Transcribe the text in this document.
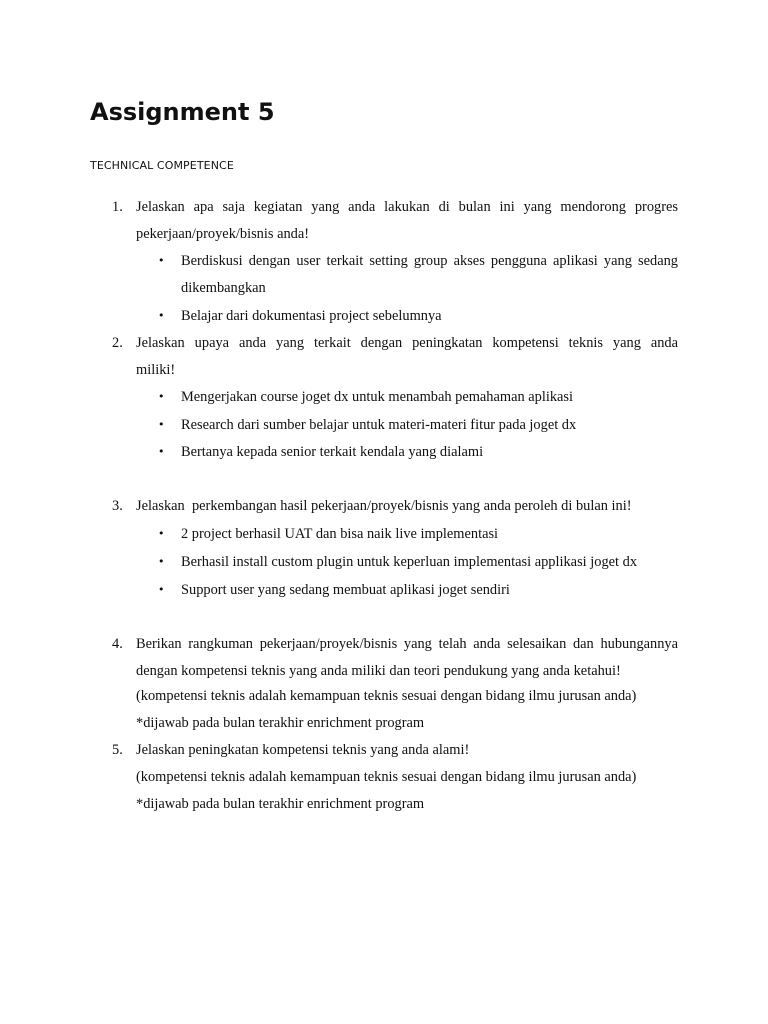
Assignment 5
TECHNICAL COMPETENCE
1. Jelaskan apa saja kegiatan yang anda lakukan di bulan ini yang mendorong progres
pekerjaan/proyek/bisnis anda!
• Berdiskusi dengan user terkait setting group akses pengguna aplikasi yang sedang
dikembangkan
• Belajar dari dokumentasi project sebelumnya
2. Jelaskan upaya anda yang terkait dengan peningkatan kompetensi teknis yang anda
miliki!
• Mengerjakan course joget dx untuk menambah pemahaman aplikasi
• Research dari sumber belajar untuk materi-materi fitur pada joget dx
• Bertanya kepada senior terkait kendala yang dialami
3. Jelaskan  perkembangan hasil pekerjaan/proyek/bisnis yang anda peroleh di bulan ini!
• 2 project berhasil UAT dan bisa naik live implementasi
• Berhasil install custom plugin untuk keperluan implementasi applikasi joget dx
• Support user yang sedang membuat aplikasi joget sendiri
4. Berikan rangkuman pekerjaan/proyek/bisnis yang telah anda selesaikan dan hubungannya
dengan kompetensi teknis yang anda miliki dan teori pendukung yang anda ketahui!
(kompetensi teknis adalah kemampuan teknis sesuai dengan bidang ilmu jurusan anda)
*dijawab pada bulan terakhir enrichment program
5. Jelaskan peningkatan kompetensi teknis yang anda alami!
(kompetensi teknis adalah kemampuan teknis sesuai dengan bidang ilmu jurusan anda)
*dijawab pada bulan terakhir enrichment program
